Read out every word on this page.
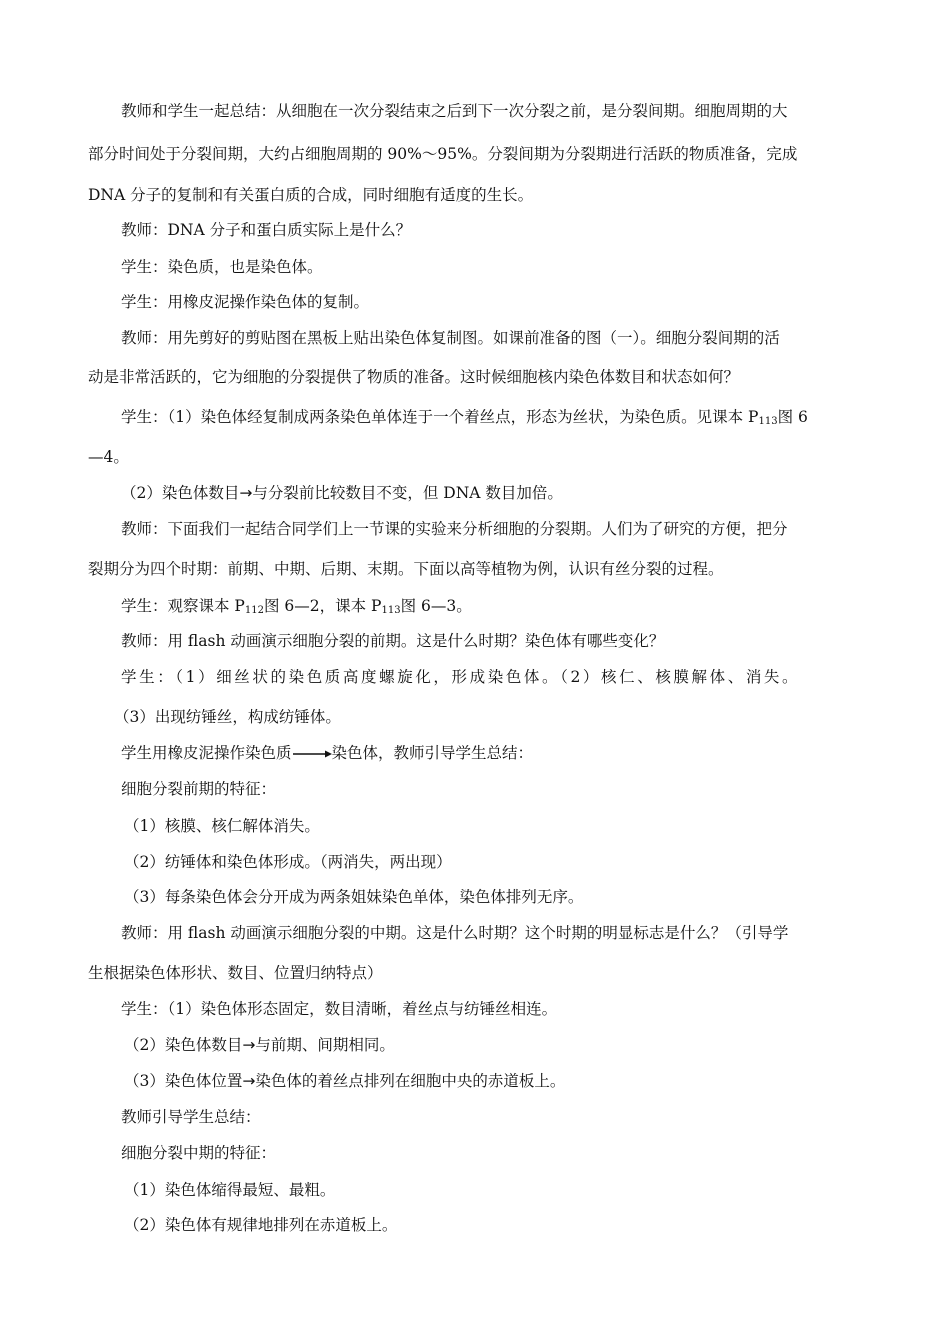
教师和学生一起总结：从细胞在一次分裂结束之后到下一次分裂之前，是分裂间期。细胞周期的大
部分时间处于分裂间期，大约占细胞周期的 90%～95%。分裂间期为分裂期进行活跃的物质准备，完成
DNA 分子的复制和有关蛋白质的合成，同时细胞有适度的生长。
教师：DNA 分子和蛋白质实际上是什么？
学生：染色质，也是染色体。
学生：用橡皮泥操作染色体的复制。
教师：用先剪好的剪贴图在黑板上贴出染色体复制图。如课前准备的图（一）。细胞分裂间期的活
动是非常活跃的，它为细胞的分裂提供了物质的准备。这时候细胞核内染色体数目和状态如何？
学生：（1）染色体经复制成两条染色单体连于一个着丝点，形态为丝状，为染色质。见课本 $P_{113}$图 6
—4。
（2）染色体数目→与分裂前比较数目不变，但 DNA 数目加倍。
教师：下面我们一起结合同学们上一节课的实验来分析细胞的分裂期。人们为了研究的方便，把分
裂期分为四个时期：前期、中期、后期、末期。下面以高等植物为例，认识有丝分裂的过程。
学生：观察课本 $P_{112}$图 6—2，课本 $P_{113}$图 6—3。
教师：用 flash 动画演示细胞分裂的前期。这是什么时期？染色体有哪些变化？
学生：（1）细丝状的染色质高度螺旋化，形成染色体。（2）核仁、核膜解体、消失。
（3）出现纺锤丝，构成纺锤体。
学生用橡皮泥操作染色质	染色体，教师引导学生总结：
细胞分裂前期的特征：
（1）核膜、核仁解体消失。
（2）纺锤体和染色体形成。（两消失，两出现）
（3）每条染色体会分开成为两条姐妹染色单体，染色体排列无序。
教师：用 flash 动画演示细胞分裂的中期。这是什么时期？这个时期的明显标志是什么？（引导学
生根据染色体形状、数目、位置归纳特点）
学生：（1）染色体形态固定，数目清晰，着丝点与纺锤丝相连。
（2）染色体数目→与前期、间期相同。
（3）染色体位置→染色体的着丝点排列在细胞中央的赤道板上。
教师引导学生总结：
细胞分裂中期的特征：
（1）染色体缩得最短、最粗。
（2）染色体有规律地排列在赤道板上。
